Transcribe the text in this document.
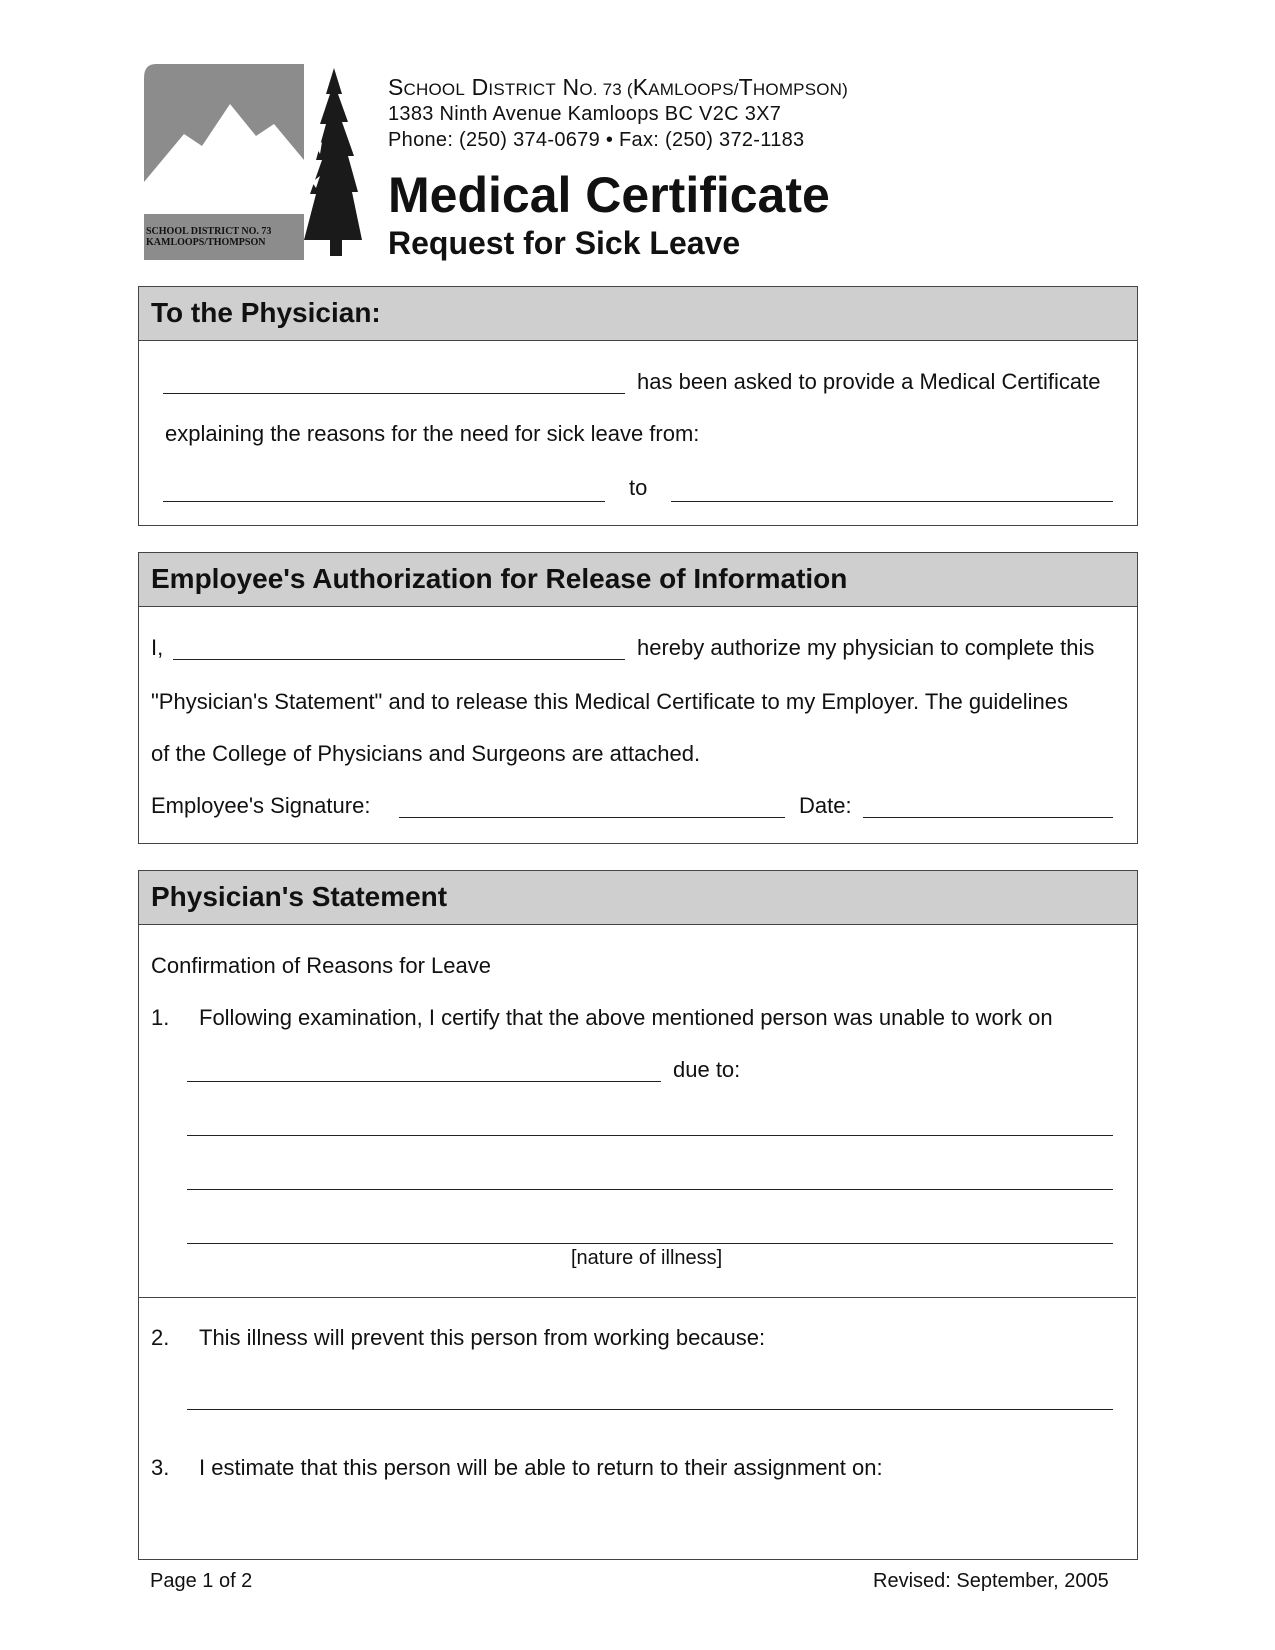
SCHOOL DISTRICT NO. 73
KAMLOOPS/THOMPSON
SCHOOL DISTRICT NO. 73 (KAMLOOPS/THOMPSON)
1383 Ninth Avenue Kamloops BC V2C 3X7
Phone: (250) 374-0679 • Fax: (250) 372-1183
Medical Certificate
Request for Sick Leave
To the Physician:
has been asked to provide a Medical Certificate
explaining the reasons for the need for sick leave from:
to
Employee's Authorization for Release of Information
I,	hereby authorize my physician to complete this
"Physician's Statement" and to release this Medical Certificate to my Employer. The guidelines
of the College of Physicians and Surgeons are attached.
Employee's Signature:	Date:
Physician's Statement
Confirmation of Reasons for Leave
1. Following examination, I certify that the above mentioned person was unable to work on
due to:
[nature of illness]
2. This illness will prevent this person from working because:
3. I estimate that this person will be able to return to their assignment on:
Page 1 of 2	Revised: September, 2005
